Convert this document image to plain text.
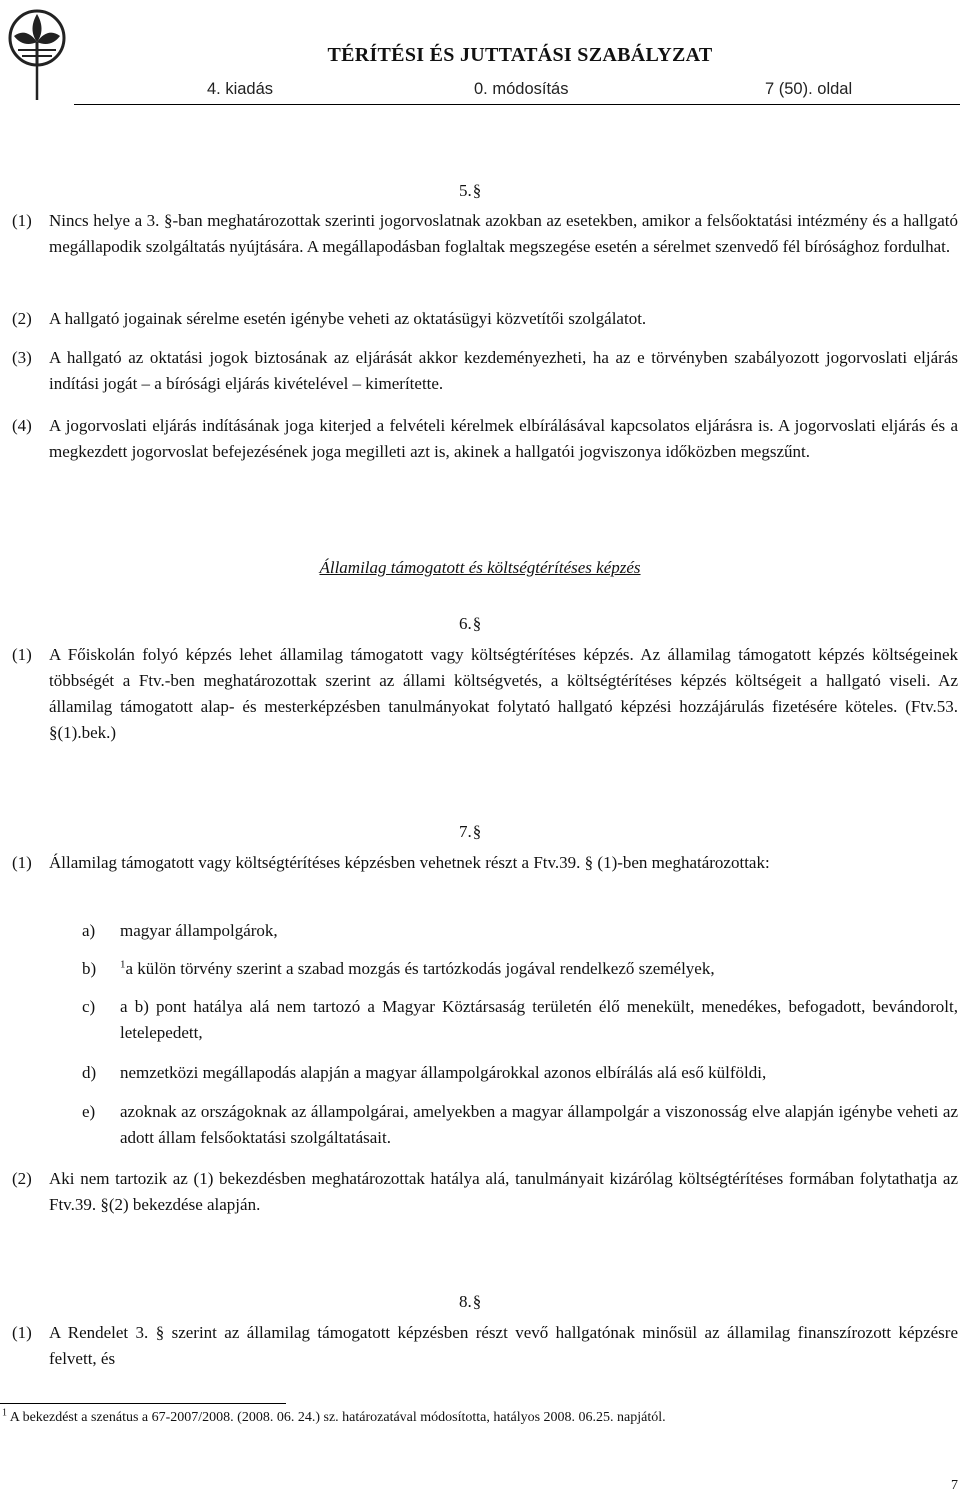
TÉRÍTÉSI ÉS JUTTATÁSI SZABÁLYZAT
4. kiadás	0. módosítás	7 (50). oldal
5.§
(1) Nincs helye a 3. §-ban meghatározottak szerinti jogorvoslatnak azokban az esetekben, amikor a felsőoktatási intézmény és a hallgató megállapodik szolgáltatás nyújtására. A megállapodásban foglaltak megszegése esetén a sérelmet szenvedő fél bírósághoz fordulhat.
(2) A hallgató jogainak sérelme esetén igénybe veheti az oktatásügyi közvetítői szolgálatot.
(3) A hallgató az oktatási jogok biztosának az eljárását akkor kezdeményezheti, ha az e törvényben szabályozott jogorvoslati eljárás indítási jogát – a bírósági eljárás kivételével – kimerítette.
(4) A jogorvoslati eljárás indításának joga kiterjed a felvételi kérelmek elbírálásával kapcsolatos eljárásra is. A jogorvoslati eljárás és a megkezdett jogorvoslat befejezésének joga megilleti azt is, akinek a hallgatói jogviszonya időközben megszűnt.
Államilag támogatott és költségtérítéses képzés
6.§
(1) A Főiskolán folyó képzés lehet államilag támogatott vagy költségtérítéses képzés. Az államilag támogatott képzés költségeinek többségét a Ftv.-ben meghatározottak szerint az állami költségvetés, a költségtérítéses képzés költségeit a hallgató viseli. Az államilag támogatott alap- és mesterképzésben tanulmányokat folytató hallgató képzési hozzájárulás fizetésére köteles. (Ftv.53. §(1).bek.)
7.§
(1) Államilag támogatott vagy költségtérítéses képzésben vehetnek részt a Ftv.39. § (1)-ben meghatározottak:
a) magyar állampolgárok,
b) $^1$a külön törvény szerint a szabad mozgás és tartózkodás jogával rendelkező személyek,
c) a b) pont hatálya alá nem tartozó a Magyar Köztársaság területén élő menekült, menedékes, befogadott, bevándorolt, letelepedett,
d) nemzetközi megállapodás alapján a magyar állampolgárokkal azonos elbírálás alá eső külföldi,
e) azoknak az országoknak az állampolgárai, amelyekben a magyar állampolgár a viszonosság elve alapján igénybe veheti az adott állam felsőoktatási szolgáltatásait.
(2) Aki nem tartozik az (1) bekezdésben meghatározottak hatálya alá, tanulmányait kizárólag költségtérítéses formában folytathatja az Ftv.39. §(2) bekezdése alapján.
8.§
(1) A Rendelet 3. § szerint az államilag támogatott képzésben részt vevő hallgatónak minősül az államilag finanszírozott képzésre felvett, és
$^1$ A bekezdést a szenátus a 67-2007/2008. (2008. 06. 24.) sz. határozatával módosította, hatályos 2008. 06.25. napjától.
7
